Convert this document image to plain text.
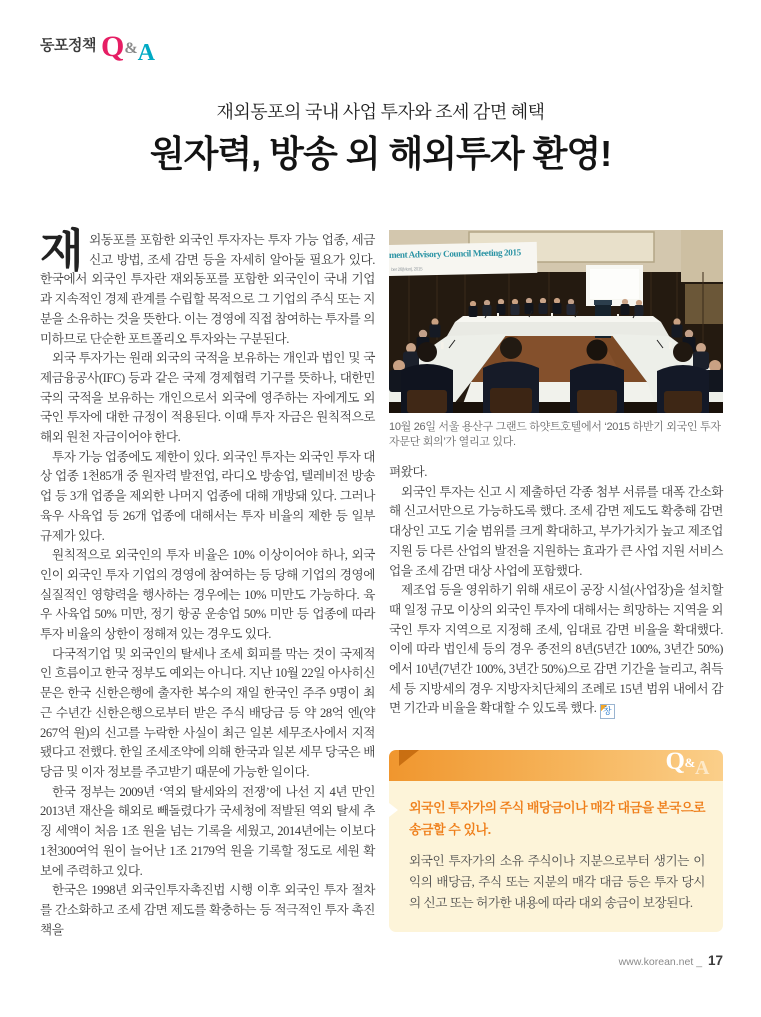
동포정책 Q&A
재외동포의 국내 사업 투자와 조세 감면 혜택
원자력, 방송 외 해외투자 환영!

재외동포를 포함한 외국인 투자자는 투자 가능 업종, 세금 신고 방법, 조세 감면 등을 자세히 알아둘 필요가 있다. 한국에서 외국인 투자란 재외동포를 포함한 외국인이 국내 기업과 지속적인 경제 관계를 수립할 목적으로 그 기업의 주식 또는 지분을 소유하는 것을 뜻한다. 이는 경영에 직접 참여하는 투자를 의미하므로 단순한 포트폴리오 투자와는 구분된다.

외국 투자가는 원래 외국의 국적을 보유하는 개인과 법인 및 국제금융공사(IFC) 등과 같은 국제 경제협력 기구를 뜻하나, 대한민국의 국적을 보유하는 개인으로서 외국에 영주하는 자에게도 외국인 투자에 대한 규정이 적용된다. 이때 투자 자금은 원칙적으로 해외 원천 자금이어야 한다.

투자 가능 업종에도 제한이 있다. 외국인 투자는 외국인 투자 대상 업종 1천85개 중 원자력 발전업, 라디오 방송업, 텔레비전 방송업 등 3개 업종을 제외한 나머지 업종에 대해 개방돼 있다. 그러나 육우 사육업 등 26개 업종에 대해서는 투자 비율의 제한 등 일부 규제가 있다.

원칙적으로 외국인의 투자 비율은 10% 이상이어야 하나, 외국인이 외국인 투자 기업의 경영에 참여하는 등 당해 기업의 경영에 실질적인 영향력을 행사하는 경우에는 10% 미만도 가능하다. 육우 사육업 50% 미만, 정기 항공 운송업 50% 미만 등 업종에 따라 투자 비율의 상한이 정해져 있는 경우도 있다.

다국적기업 및 외국인의 탈세나 조세 회피를 막는 것이 국제적인 흐름이고 한국 정부도 예외는 아니다. 지난 10월 22일 아사히신문은 한국 신한은행에 출자한 복수의 재일 한국인 주주 9명이 최근 수년간 신한은행으로부터 받은 주식 배당금 등 약 28억 엔(약 267억 원)의 신고를 누락한 사실이 최근 일본 세무조사에서 지적됐다고 전했다. 한일 조세조약에 의해 한국과 일본 세무 당국은 배당금 및 이자 정보를 주고받기 때문에 가능한 일이다.

한국 정부는 2009년 ‘역외 탈세와의 전쟁’에 나선 지 4년 만인 2013년 재산을 해외로 빼돌렸다가 국세청에 적발된 역외 탈세 추징 세액이 처음 1조 원을 넘는 기록을 세웠고, 2014년에는 이보다 1천300여억 원이 늘어난 1조 2179억 원을 기록할 정도로 세원 확보에 주력하고 있다.

한국은 1998년 외국인투자촉진법 시행 이후 외국인 투자 절차를 간소화하고 조세 감면 제도를 확충하는 등 적극적인 투자 촉진책을

ment Advisory Council Meeting 2015
ber 26(Mon), 2015
10월 26일 서울 용산구 그랜드 하얏트호텔에서 ‘2015 하반기 외국인 투자 자문단 회의’가 열리고 있다.

펴왔다.

외국인 투자는 신고 시 제출하던 각종 첨부 서류를 대폭 간소화해 신고서만으로 가능하도록 했다. 조세 감면 제도도 확충해 감면 대상인 고도 기술 범위를 크게 확대하고, 부가가치가 높고 제조업 지원 등 다른 산업의 발전을 지원하는 효과가 큰 사업 지원 서비스업을 조세 감면 대상 사업에 포함했다.

제조업 등을 영위하기 위해 새로이 공장 시설(사업장)을 설치할 때 일정 규모 이상의 외국인 투자에 대해서는 희망하는 지역을 외국인 투자 지역으로 지정해 조세, 임대료 감면 비율을 확대했다. 이에 따라 법인세 등의 경우 종전의 8년(5년간 100%, 3년간 50%)에서 10년(7년간 100%, 3년간 50%)으로 감면 기간을 늘리고, 취득세 등 지방세의 경우 지방자치단체의 조례로 15년 범위 내에서 감면 기간과 비율을 확대할 수 있도록 했다. 창

Q&A

외국인 투자가의 주식 배당금이나 매각 대금을 본국으로 송금할 수 있나.

외국인 투자가의 소유 주식이나 지분으로부터 생기는 이익의 배당금, 주식 또는 지분의 매각 대금 등은 투자 당시의 신고 또는 허가한 내용에 따라 대외 송금이 보장된다.

www.korean.net _ 17
